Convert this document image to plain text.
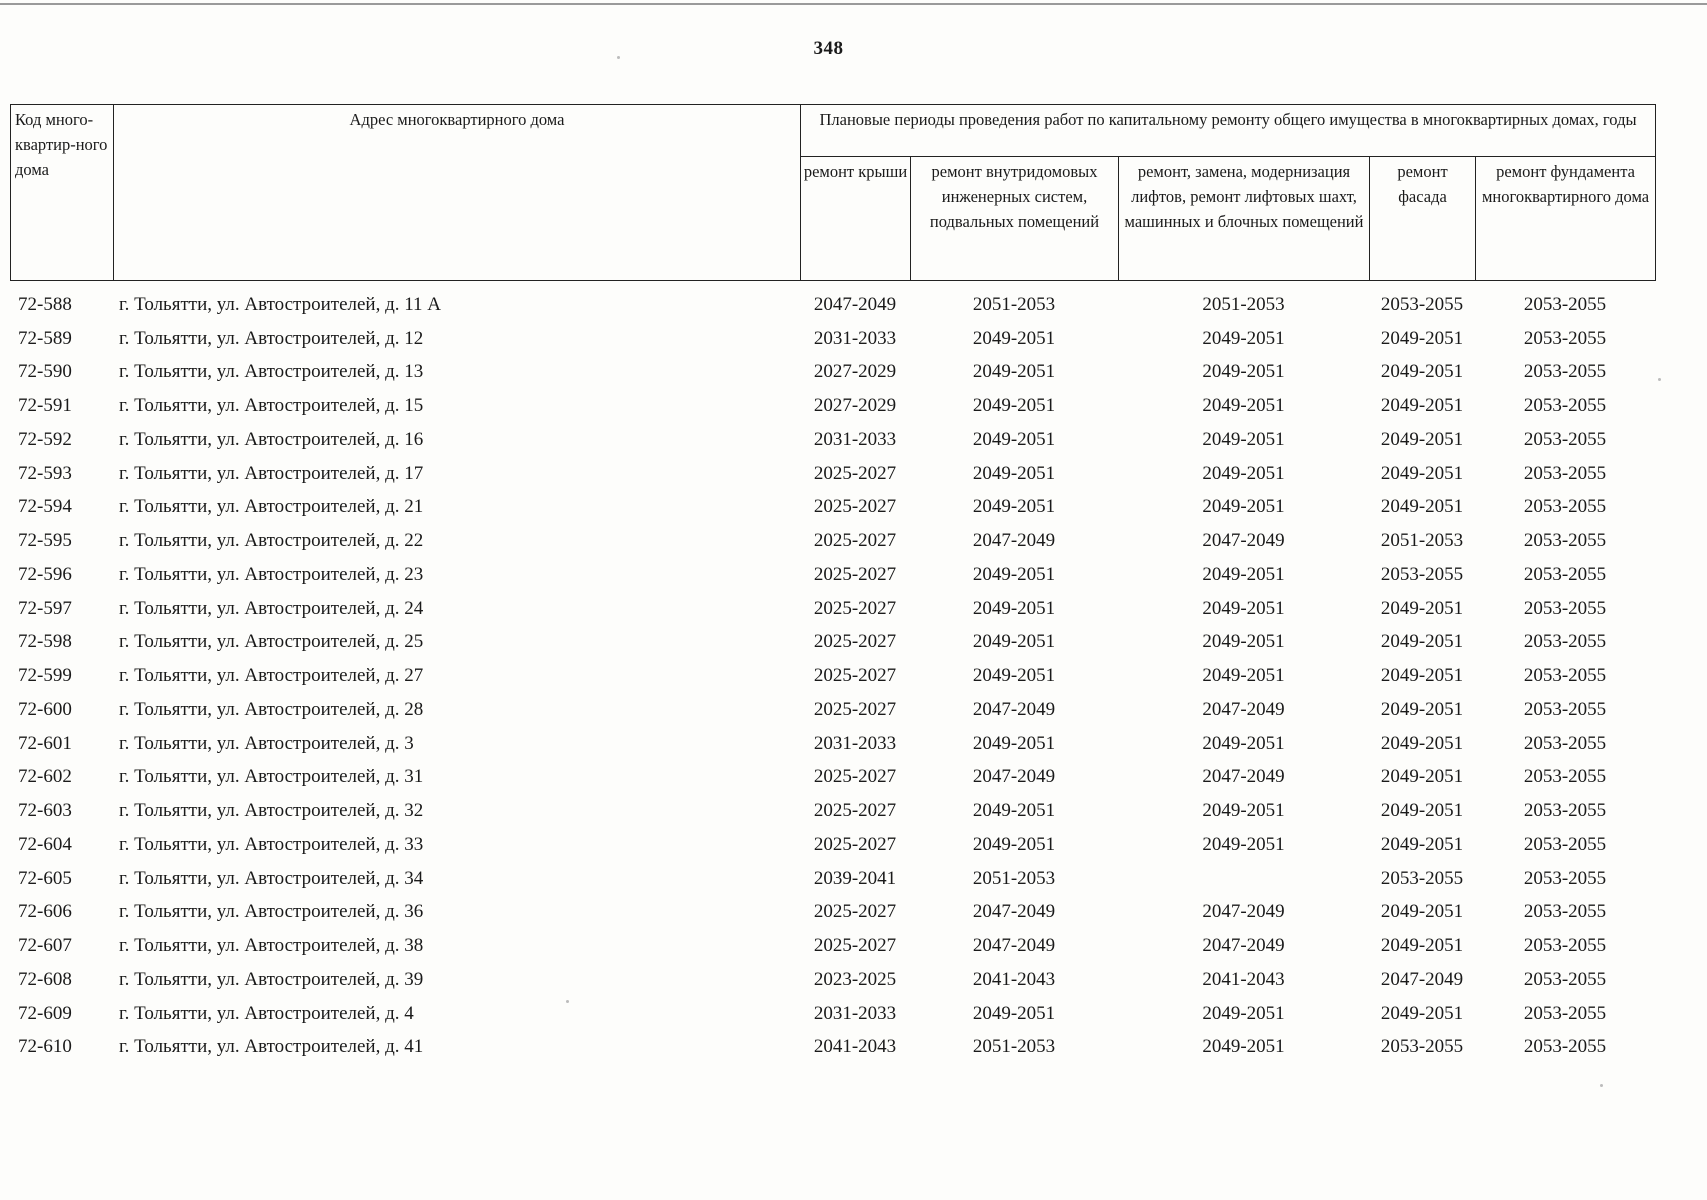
348
Код много-квартир-ного дома	Адрес многоквартирного дома	Плановые периоды проведения работ по капитальному ремонту общего имущества в многоквартирных домах, годы				
		ремонт крыши	ремонт внутридомовых инженерных систем, подвальных помещений	ремонт, замена, модернизация лифтов, ремонт лифтовых шахт, машинных и блочных помещений	ремонт фасада	ремонт фундамента многоквартирного дома
72-588	г. Тольятти, ул. Автостроителей, д. 11 А	2047-2049	2051-2053	2051-2053	2053-2055	2053-2055
72-589	г. Тольятти, ул. Автостроителей, д. 12	2031-2033	2049-2051	2049-2051	2049-2051	2053-2055
72-590	г. Тольятти, ул. Автостроителей, д. 13	2027-2029	2049-2051	2049-2051	2049-2051	2053-2055
72-591	г. Тольятти, ул. Автостроителей, д. 15	2027-2029	2049-2051	2049-2051	2049-2051	2053-2055
72-592	г. Тольятти, ул. Автостроителей, д. 16	2031-2033	2049-2051	2049-2051	2049-2051	2053-2055
72-593	г. Тольятти, ул. Автостроителей, д. 17	2025-2027	2049-2051	2049-2051	2049-2051	2053-2055
72-594	г. Тольятти, ул. Автостроителей, д. 21	2025-2027	2049-2051	2049-2051	2049-2051	2053-2055
72-595	г. Тольятти, ул. Автостроителей, д. 22	2025-2027	2047-2049	2047-2049	2051-2053	2053-2055
72-596	г. Тольятти, ул. Автостроителей, д. 23	2025-2027	2049-2051	2049-2051	2053-2055	2053-2055
72-597	г. Тольятти, ул. Автостроителей, д. 24	2025-2027	2049-2051	2049-2051	2049-2051	2053-2055
72-598	г. Тольятти, ул. Автостроителей, д. 25	2025-2027	2049-2051	2049-2051	2049-2051	2053-2055
72-599	г. Тольятти, ул. Автостроителей, д. 27	2025-2027	2049-2051	2049-2051	2049-2051	2053-2055
72-600	г. Тольятти, ул. Автостроителей, д. 28	2025-2027	2047-2049	2047-2049	2049-2051	2053-2055
72-601	г. Тольятти, ул. Автостроителей, д. 3	2031-2033	2049-2051	2049-2051	2049-2051	2053-2055
72-602	г. Тольятти, ул. Автостроителей, д. 31	2025-2027	2047-2049	2047-2049	2049-2051	2053-2055
72-603	г. Тольятти, ул. Автостроителей, д. 32	2025-2027	2049-2051	2049-2051	2049-2051	2053-2055
72-604	г. Тольятти, ул. Автостроителей, д. 33	2025-2027	2049-2051	2049-2051	2049-2051	2053-2055
72-605	г. Тольятти, ул. Автостроителей, д. 34	2039-2041	2051-2053		2053-2055	2053-2055
72-606	г. Тольятти, ул. Автостроителей, д. 36	2025-2027	2047-2049	2047-2049	2049-2051	2053-2055
72-607	г. Тольятти, ул. Автостроителей, д. 38	2025-2027	2047-2049	2047-2049	2049-2051	2053-2055
72-608	г. Тольятти, ул. Автостроителей, д. 39	2023-2025	2041-2043	2041-2043	2047-2049	2053-2055
72-609	г. Тольятти, ул. Автостроителей, д. 4	2031-2033	2049-2051	2049-2051	2049-2051	2053-2055
72-610	г. Тольятти, ул. Автостроителей, д. 41	2041-2043	2051-2053	2049-2051	2053-2055	2053-2055
